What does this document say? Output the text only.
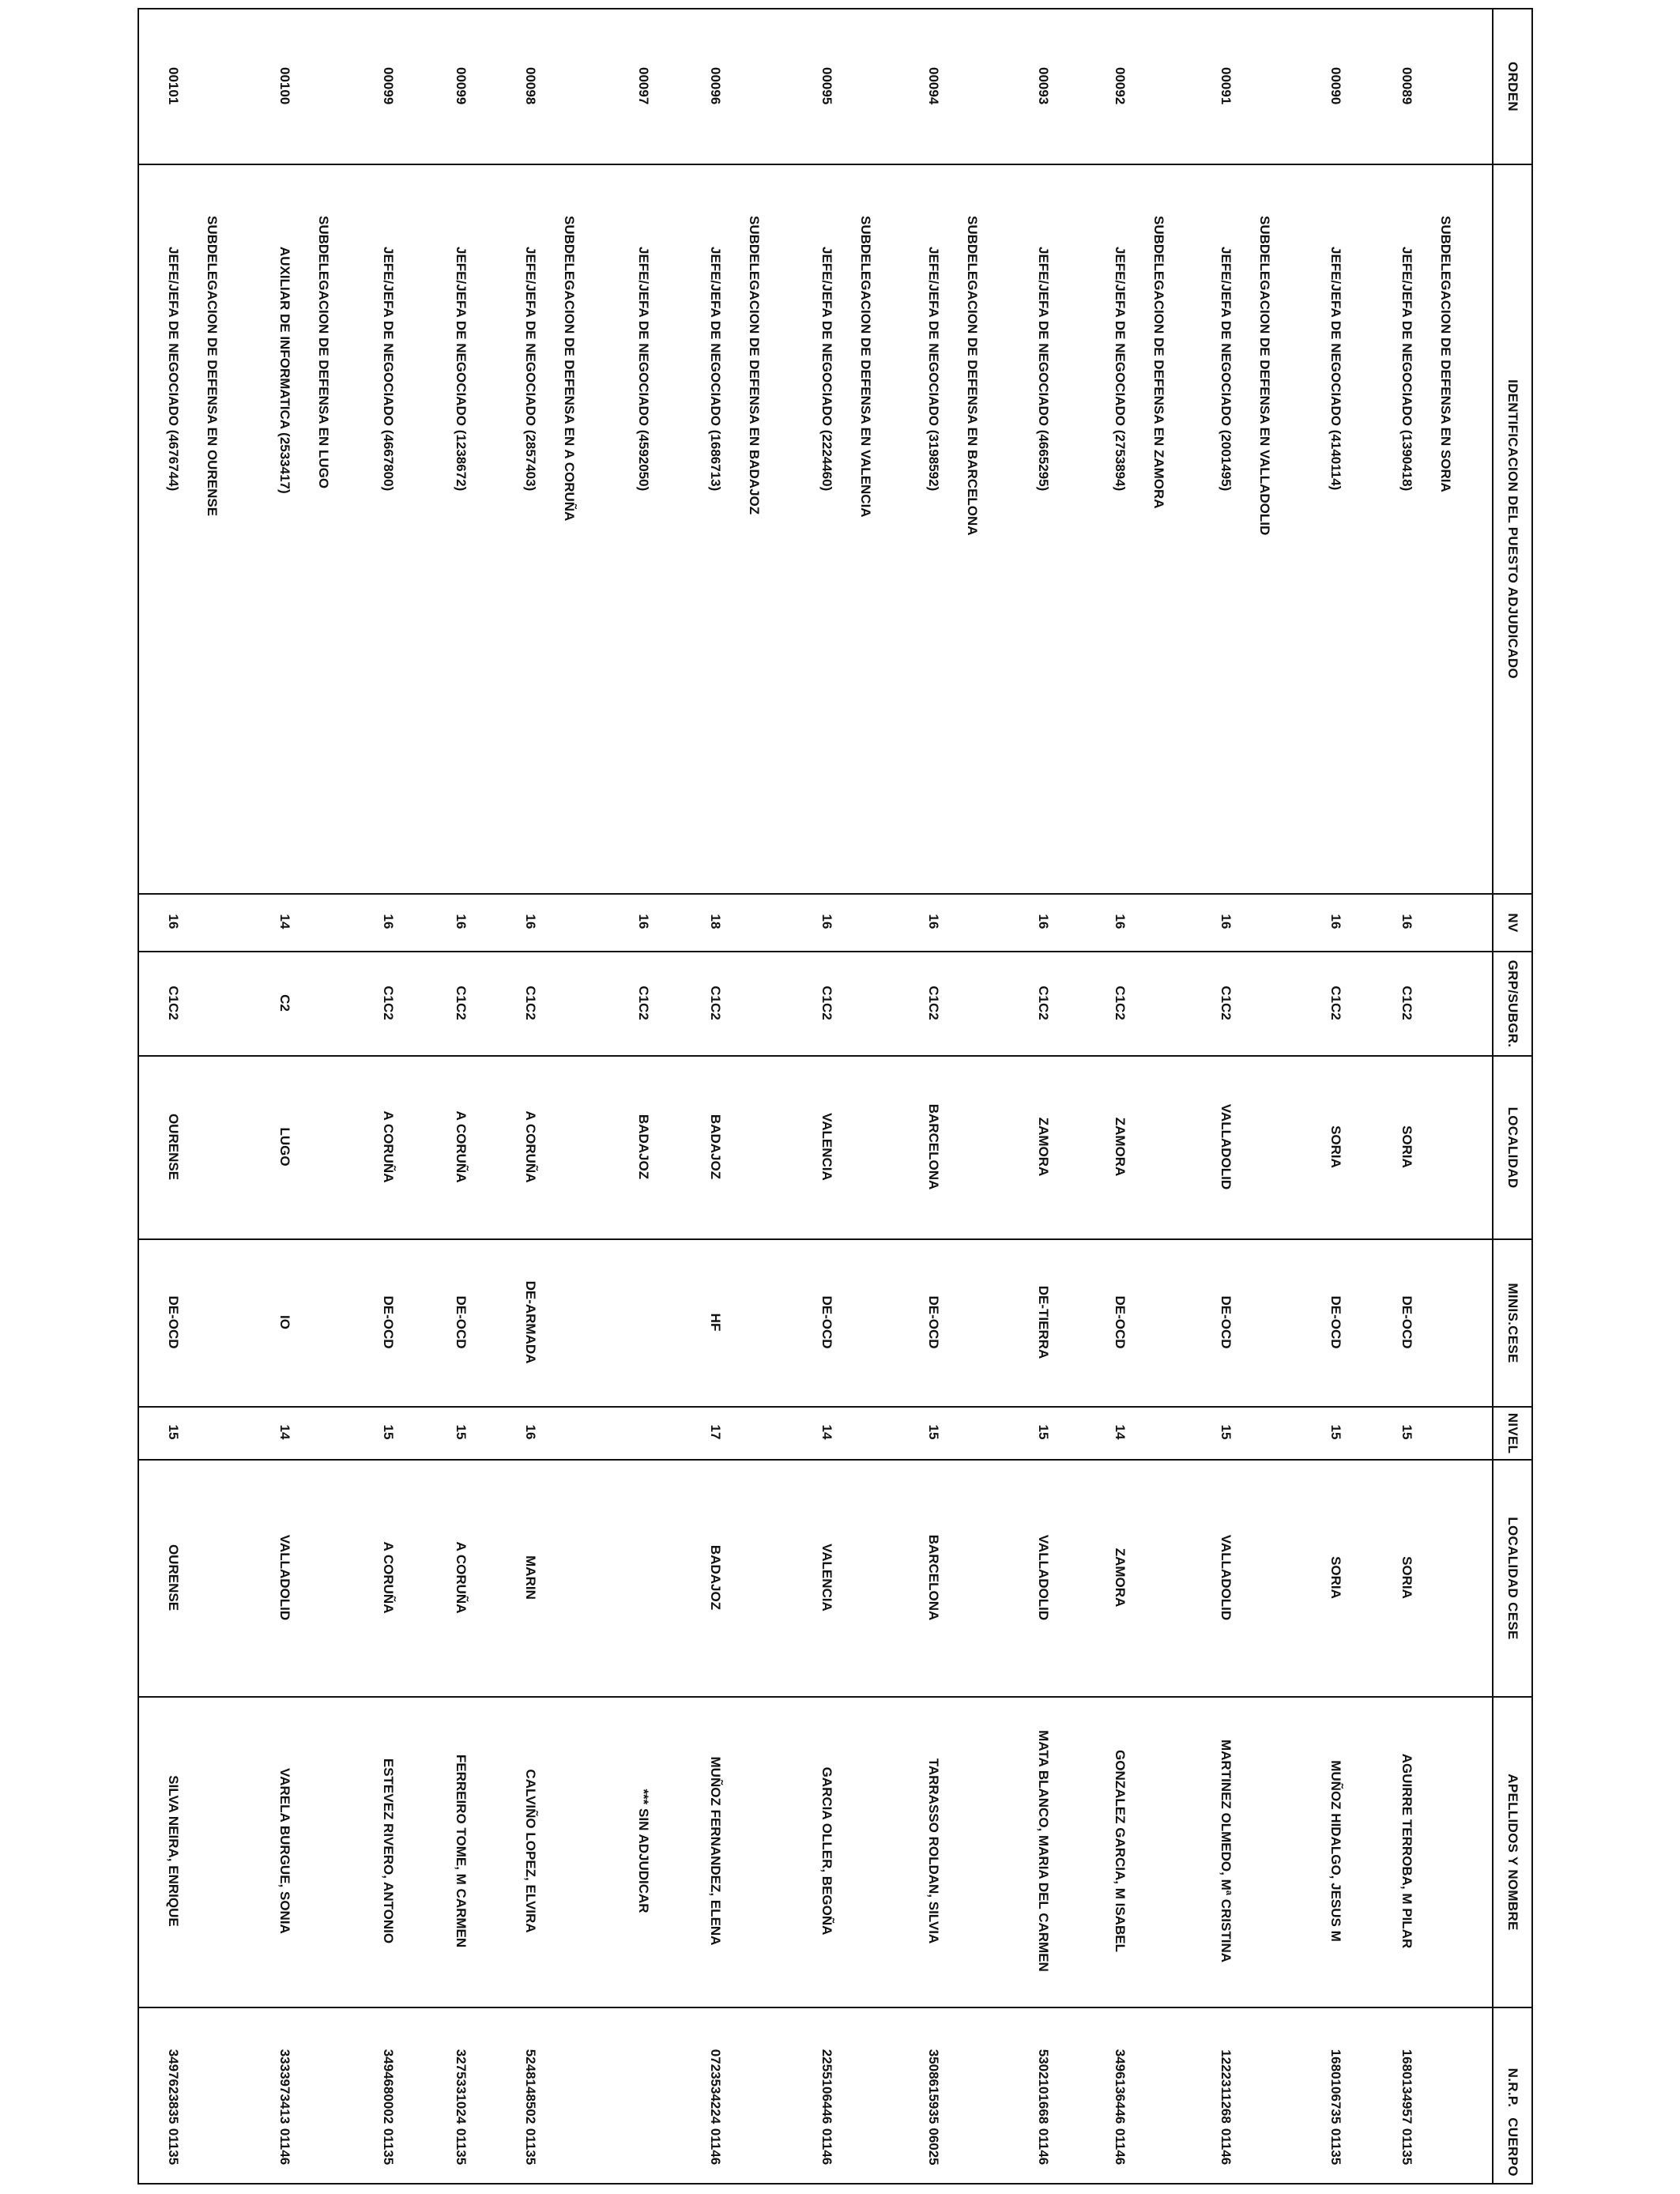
ORDEN
IDENTIFICACION DEL PUESTO ADJUDICADO
NV
GRP/SUBGR.
LOCALIDAD
MINIS.CESE
NIVEL
LOCALIDAD CESE
APELLIDOS Y NOMBRE
N.R.P.
CUERPO
SUBDELEGACION DE DEFENSA EN SORIA
JEFE/JEFA DE NEGOCIADO (1390418)
00089
16
C1C2
SORIA
DE-OCD
15
SORIA
AGUIRRE TERROBA, M PILAR
1680134957
01135
JEFE/JEFA DE NEGOCIADO (4140114)
00090
16
C1C2
SORIA
DE-OCD
15
SORIA
MUÑOZ HIDALGO, JESUS M
1680106735
01135
SUBDELEGACION DE DEFENSA EN VALLADOLID
JEFE/JEFA DE NEGOCIADO (2001495)
00091
16
C1C2
VALLADOLID
DE-OCD
15
VALLADOLID
MARTINEZ OLMEDO, Mª CRISTINA
1222311268
01146
SUBDELEGACION DE DEFENSA EN ZAMORA
JEFE/JEFA DE NEGOCIADO (2753894)
00092
16
C1C2
ZAMORA
DE-OCD
14
ZAMORA
GONZALEZ GARCIA, M ISABEL
3496136446
01146
JEFE/JEFA DE NEGOCIADO (4665295)
00093
16
C1C2
ZAMORA
DE-TIERRA
15
VALLADOLID
MATA BLANCO, MARIA DEL CARMEN
5302101668
01146
SUBDELEGACION DE DEFENSA EN BARCELONA
JEFE/JEFA DE NEGOCIADO (3198592)
00094
16
C1C2
BARCELONA
DE-OCD
15
BARCELONA
TARRASSO ROLDAN, SILVIA
3508615935
06025
SUBDELEGACION DE DEFENSA EN VALENCIA
JEFE/JEFA DE NEGOCIADO (2224460)
00095
16
C1C2
VALENCIA
DE-OCD
14
VALENCIA
GARCIA OLLER, BEGOÑA
2255106446
01146
SUBDELEGACION DE DEFENSA EN BADAJOZ
JEFE/JEFA DE NEGOCIADO (1686713)
00096
18
C1C2
BADAJOZ
HF
17
BADAJOZ
MUÑOZ FERNANDEZ, ELENA
0723534224
01146
JEFE/JEFA DE NEGOCIADO (4592050)
00097
16
C1C2
BADAJOZ
*** SIN ADJUDICAR
SUBDELEGACION DE DEFENSA EN A CORUÑA
JEFE/JEFA DE NEGOCIADO (2857403)
00098
16
C1C2
A CORUÑA
DE-ARMADA
16
MARIN
CALVIÑO LOPEZ, ELVIRA
5248148502
01135
JEFE/JEFA DE NEGOCIADO (1238672)
00099
16
C1C2
A CORUÑA
DE-OCD
15
A CORUÑA
FERREIRO TOME, M CARMEN
3275331024
01135
JEFE/JEFA DE NEGOCIADO (4667800)
00099
16
C1C2
A CORUÑA
DE-OCD
15
A CORUÑA
ESTEVEZ RIVERO, ANTONIO
3494680002
01135
SUBDELEGACION DE DEFENSA EN LUGO
AUXILIAR DE INFORMATICA (2533417)
00100
14
C2
LUGO
IO
14
VALLADOLID
VARELA BURGUE, SONIA
3333973413
01146
SUBDELEGACION DE DEFENSA EN OURENSE
JEFE/JEFA DE NEGOCIADO (4676744)
00101
16
C1C2
OURENSE
DE-OCD
15
OURENSE
SILVA NEIRA, ENRIQUE
3497623835
01135
